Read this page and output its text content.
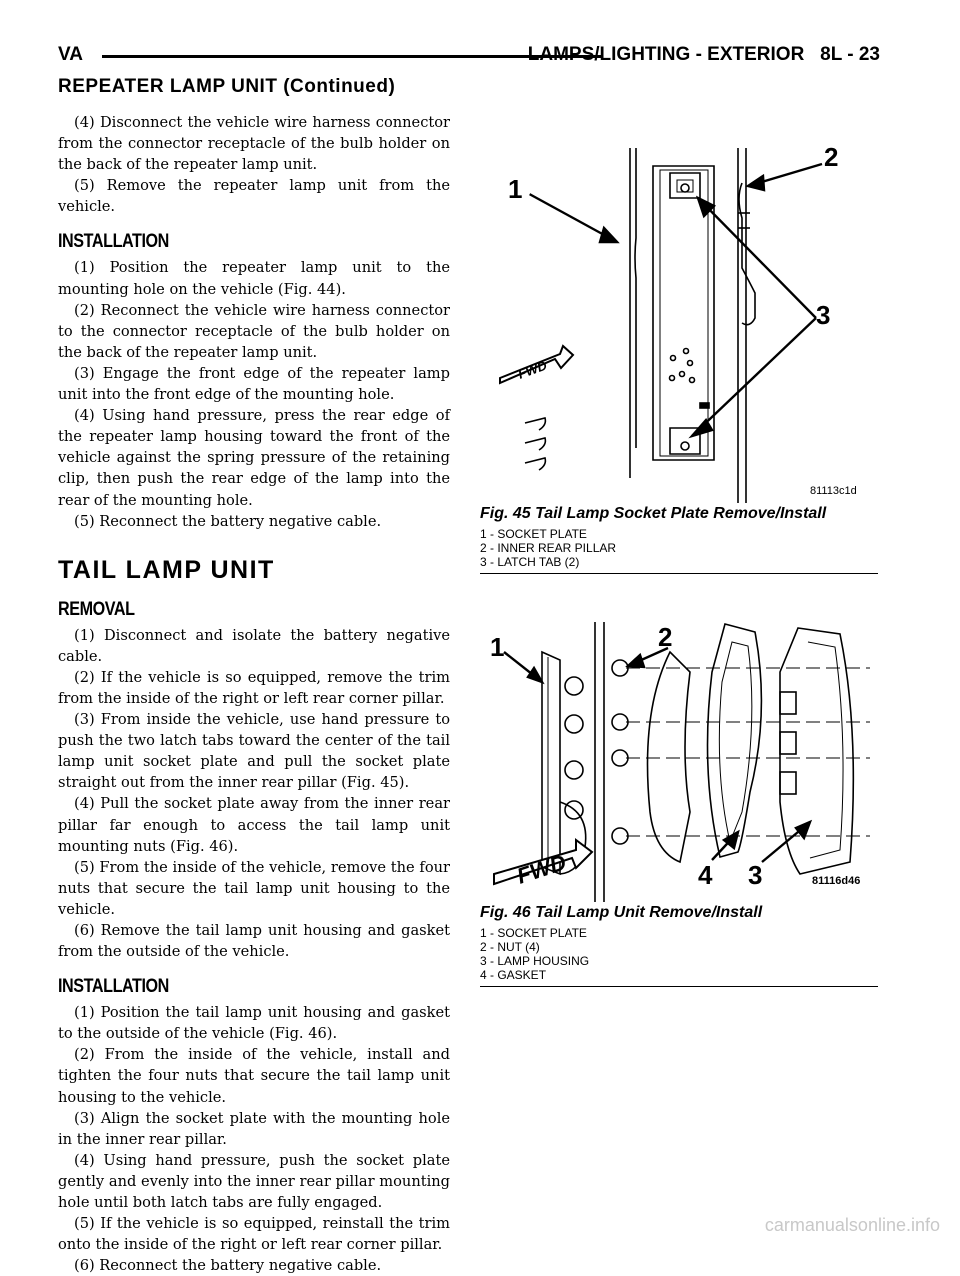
VA	LAMPS/LIGHTING - EXTERIOR   8L - 23
REPEATER LAMP UNIT (Continued)

(4) Disconnect the vehicle wire harness connector from the connector receptacle of the bulb holder on the back of the repeater lamp unit.

(5) Remove the repeater lamp unit from the vehicle.

INSTALLATION

(1) Position the repeater lamp unit to the mounting hole on the vehicle (Fig. 44).

(2) Reconnect the vehicle wire harness connector to the connector receptacle of the bulb holder on the back of the repeater lamp unit.

(3) Engage the front edge of the repeater lamp unit into the front edge of the mounting hole.

(4) Using hand pressure, press the rear edge of the repeater lamp housing toward the front of the vehicle against the spring pressure of the retaining clip, then push the rear edge of the lamp into the rear of the mounting hole.

(5) Reconnect the battery negative cable.

TAIL LAMP UNIT
REMOVAL

(1) Disconnect and isolate the battery negative cable.

(2) If the vehicle is so equipped, remove the trim from the inside of the right or left rear corner pillar.

(3) From inside the vehicle, use hand pressure to push the two latch tabs toward the center of the tail lamp unit socket plate and pull the socket plate straight out from the inner rear pillar (Fig. 45).

(4) Pull the socket plate away from the inner rear pillar far enough to access the tail lamp unit mounting nuts (Fig. 46).

(5) From the inside of the vehicle, remove the four nuts that secure the tail lamp unit housing to the vehicle.

(6) Remove the tail lamp unit housing and gasket from the outside of the vehicle.

INSTALLATION

(1) Position the tail lamp unit housing and gasket to the outside of the vehicle (Fig. 46).

(2) From the inside of the vehicle, install and tighten the four nuts that secure the tail lamp unit housing to the vehicle.

(3) Align the socket plate with the mounting hole in the inner rear pillar.

(4) Using hand pressure, push the socket plate gently and evenly into the inner rear pillar mounting hole until both latch tabs are fully engaged.

(5) If the vehicle is so equipped, reinstall the trim onto the inside of the right or left rear corner pillar.

(6) Reconnect the battery negative cable.

FWD
1
2
3
81113c1d
Fig. 45 Tail Lamp Socket Plate Remove/Install
1 - SOCKET PLATE
2 - INNER REAR PILLAR
3 - LATCH TAB (2)
FWD
1	2
3
4	81116d46
Fig. 46 Tail Lamp Unit Remove/Install
1 - SOCKET PLATE
2 - NUT (4)
3 - LAMP HOUSING
4 - GASKET
carmanualsonline.info
